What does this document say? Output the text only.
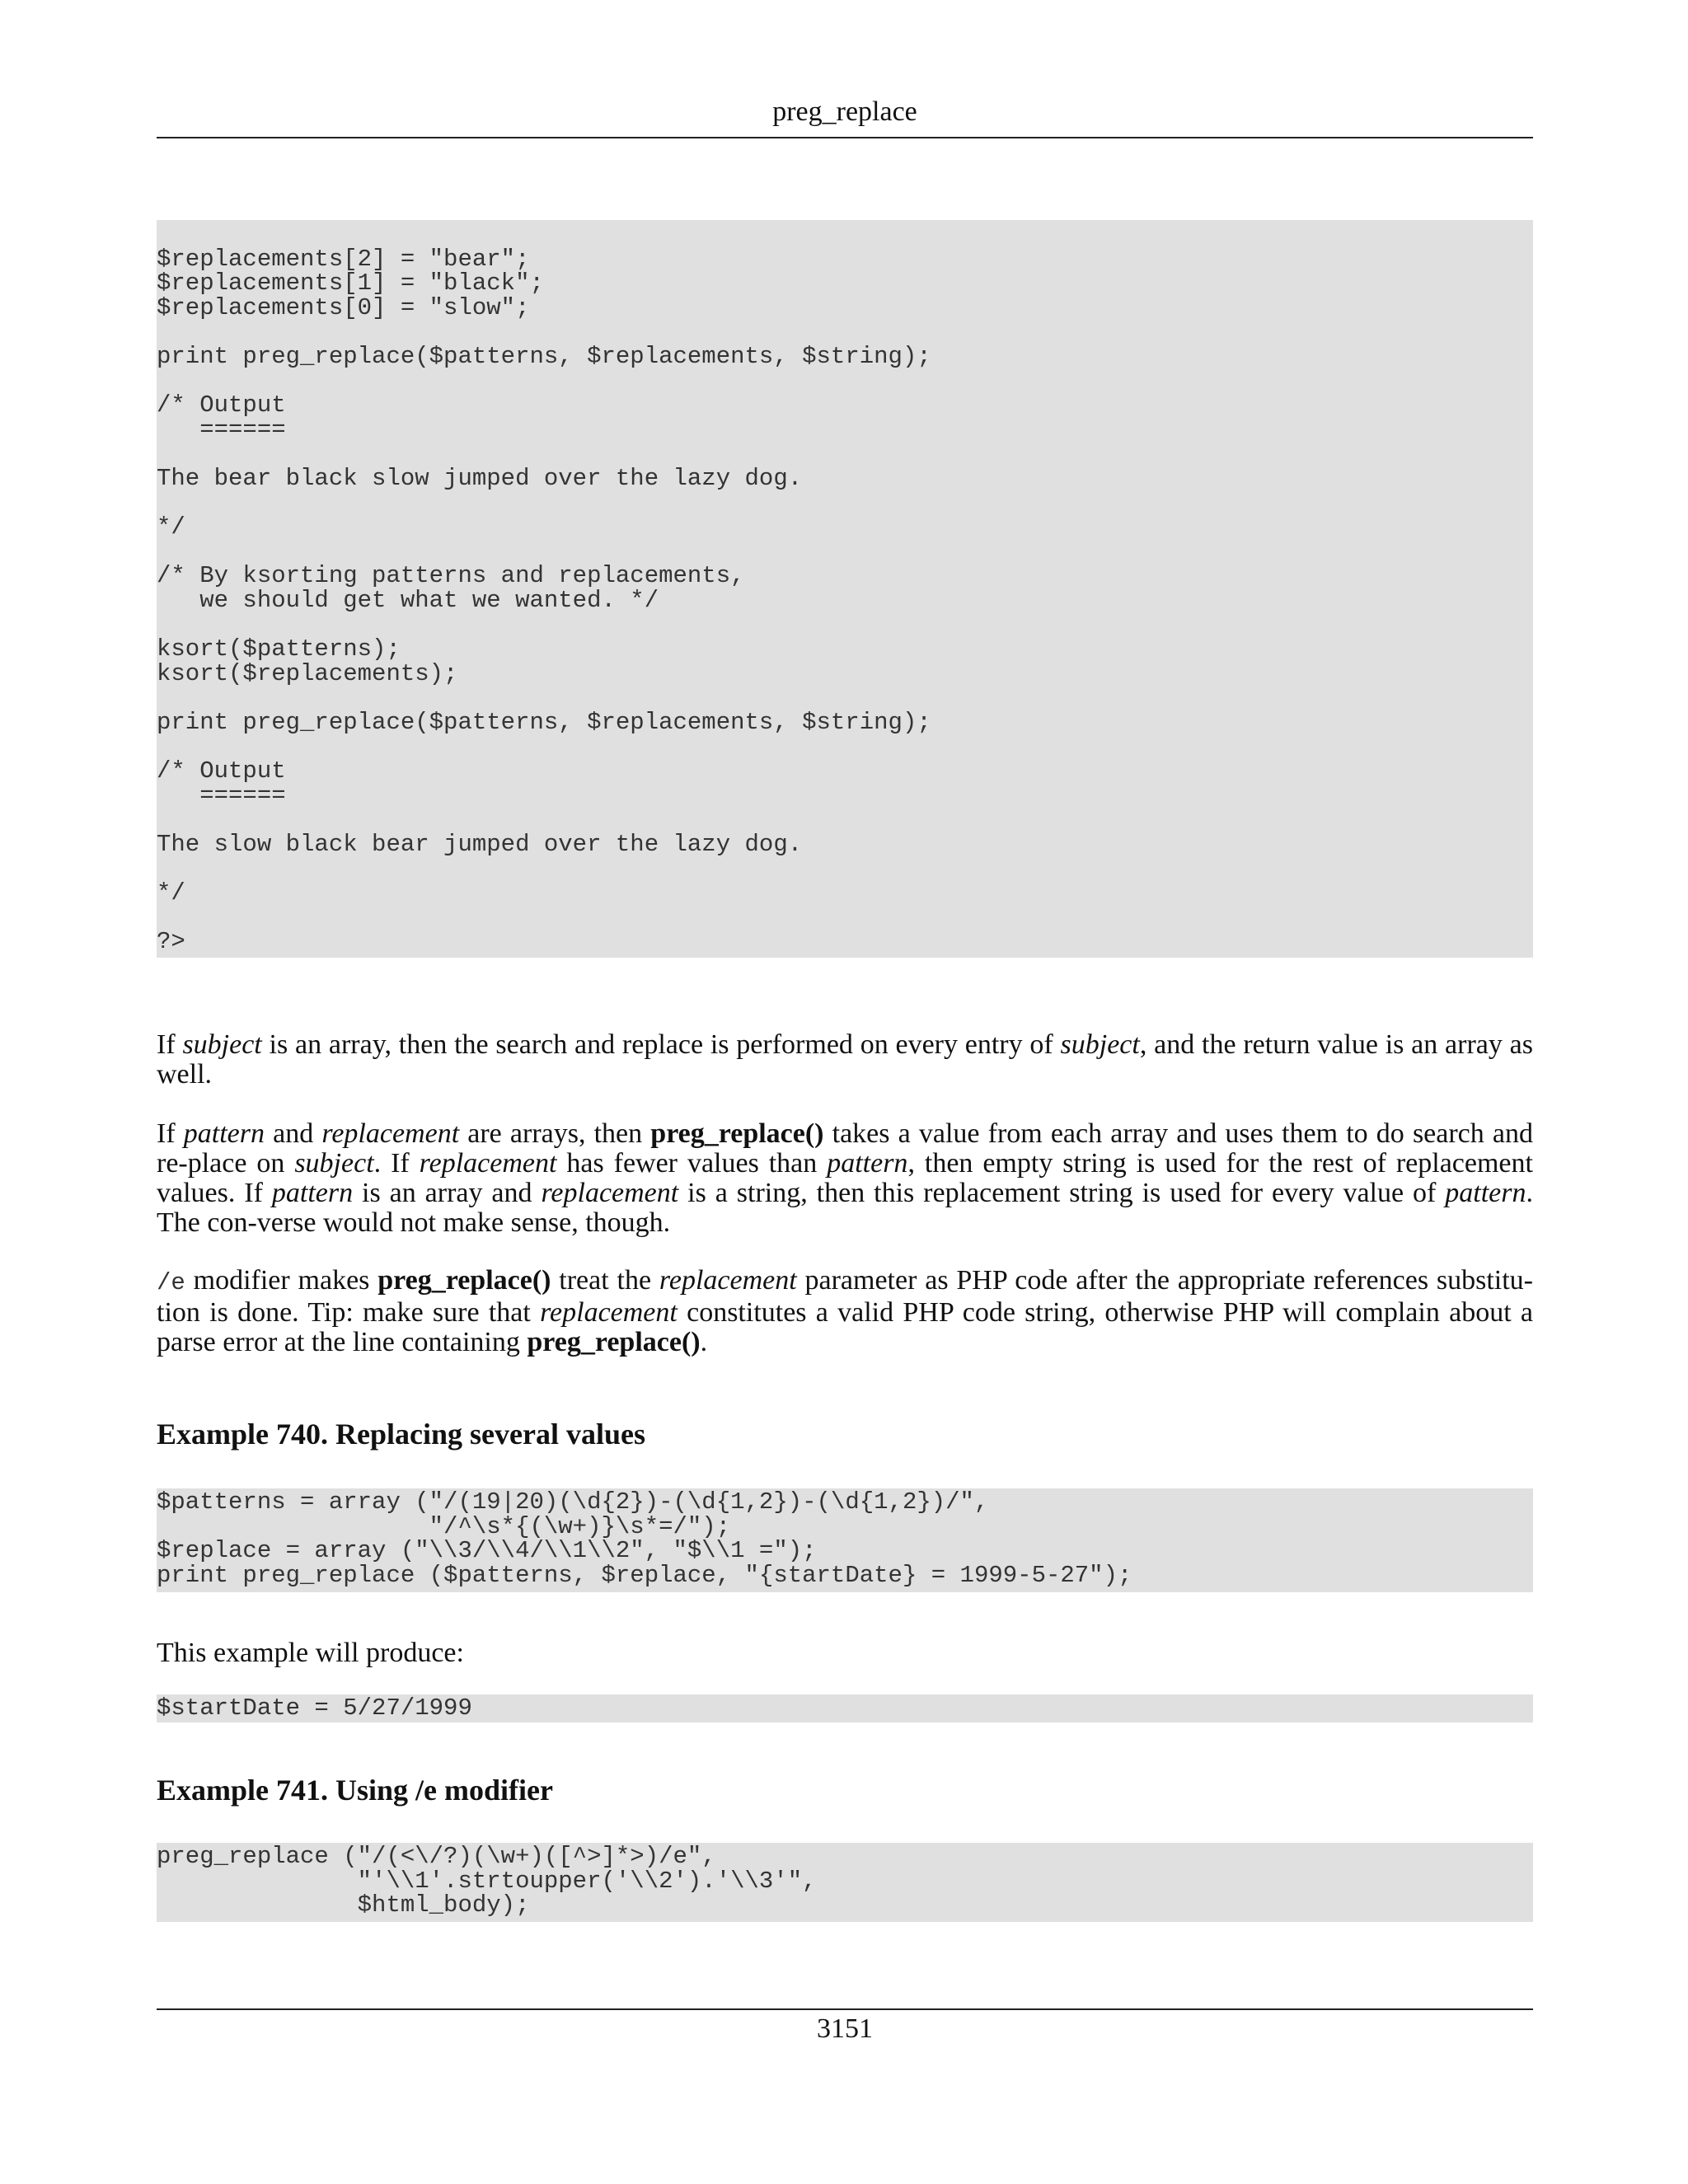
preg_replace

$replacements[2] = "bear";
$replacements[1] = "black";
$replacements[0] = "slow";

print preg_replace($patterns, $replacements, $string);

/* Output
======

The bear black slow jumped over the lazy dog.

*/

/* By ksorting patterns and replacements,
we should get what we wanted. */

ksort($patterns);
ksort($replacements);

print preg_replace($patterns, $replacements, $string);

/* Output
======

The slow black bear jumped over the lazy dog.

*/

?>

If subject is an array, then the search and replace is performed on every entry of subject, and the return value is an array as well.

If pattern and replacement are arrays, then preg_replace() takes a value from each array and uses them to do search and re-place on subject. If replacement has fewer values than pattern, then empty string is used for the rest of replacement values. If pattern is an array and replacement is a string, then this replacement string is used for every value of pattern. The con-verse would not make sense, though.

/e modifier makes preg_replace() treat the replacement parameter as PHP code after the appropriate references substitu-tion is done. Tip: make sure that replacement constitutes a valid PHP code string, otherwise PHP will complain about a parse error at the line containing preg_replace().

Example 740. Replacing several values
$patterns = array ("/(19|20)(\d{2})-(\d{1,2})-(\d{1,2})/",
"/^\s*{(\w+)}\s*=/");
$replace = array ("\\3/\\4/\\1\\2", "$\\1 =");
print preg_replace ($patterns, $replace, "{startDate} = 1999-5-27");

This example will produce:

$startDate = 5/27/1999
Example 741. Using /e modifier
preg_replace ("/(<\/?)(\w+)([^>]*>)/e",
"'\\1'.strtoupper('\\2').'\\3'",
$html_body);
3151
